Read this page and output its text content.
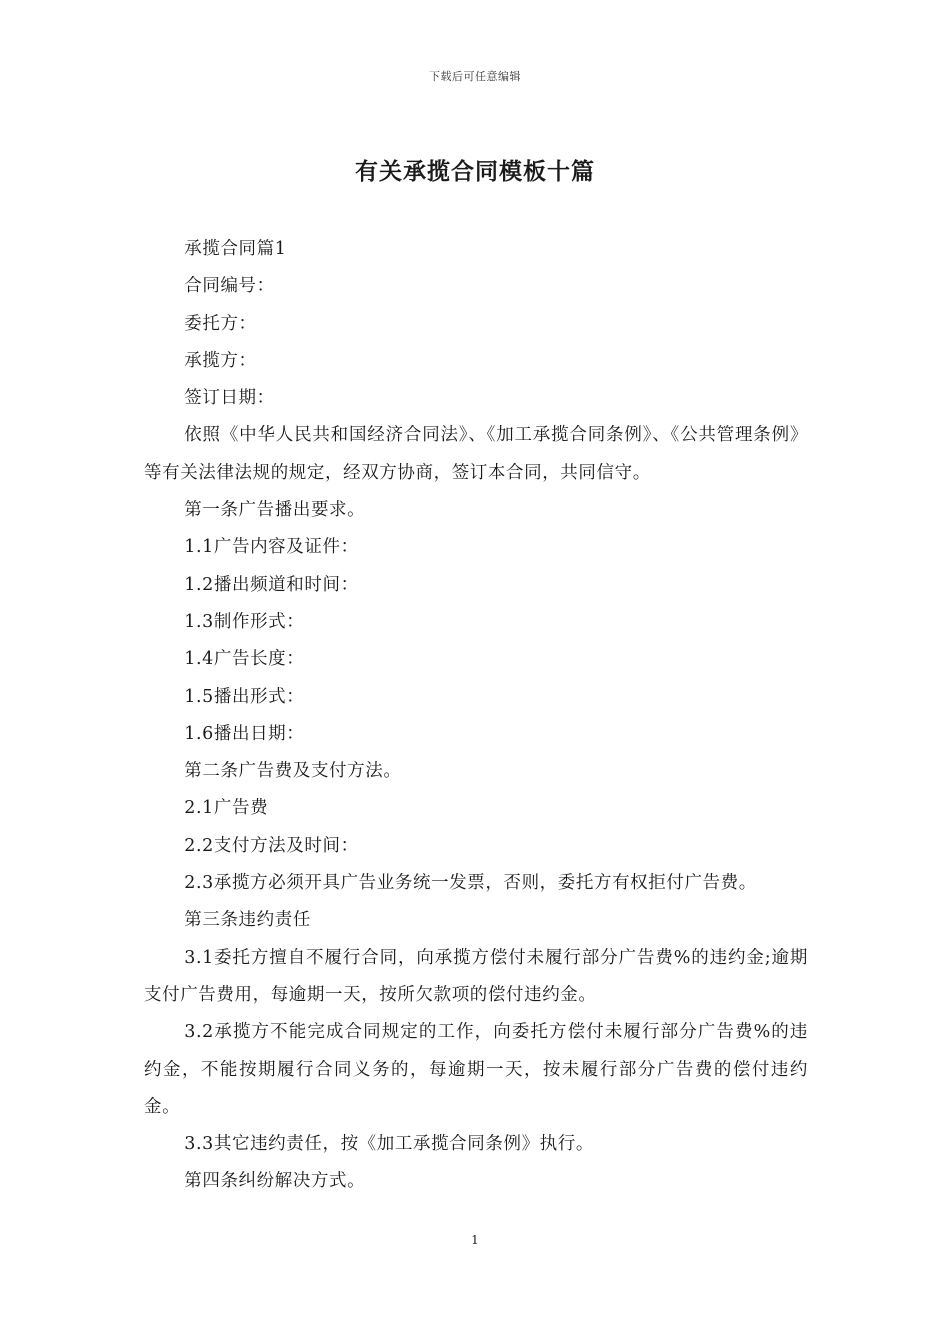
下载后可任意编辑
有关承揽合同模板十篇

承揽合同篇1

合同编号：

委托方：

承揽方：

签订日期：

依照《中华人民共和国经济合同法》、《加工承揽合同条例》、《公共管理条例》等有关法律法规的规定，经双方协商，签订本合同，共同信守。

第一条广告播出要求。

1.1广告内容及证件：

1.2播出频道和时间：

1.3制作形式：

1.4广告长度：

1.5播出形式：

1.6播出日期：

第二条广告费及支付方法。

2.1广告费

2.2支付方法及时间：

2.3承揽方必须开具广告业务统一发票，否则，委托方有权拒付广告费。

第三条违约责任

3.1委托方擅自不履行合同，向承揽方偿付未履行部分广告费%的违约金;逾期支付广告费用，每逾期一天，按所欠款项的偿付违约金。

3.2承揽方不能完成合同规定的工作，向委托方偿付未履行部分广告费%的违约金，不能按期履行合同义务的，每逾期一天，按未履行部分广告费的偿付违约金。

3.3其它违约责任，按《加工承揽合同条例》执行。

第四条纠纷解决方式。

1
